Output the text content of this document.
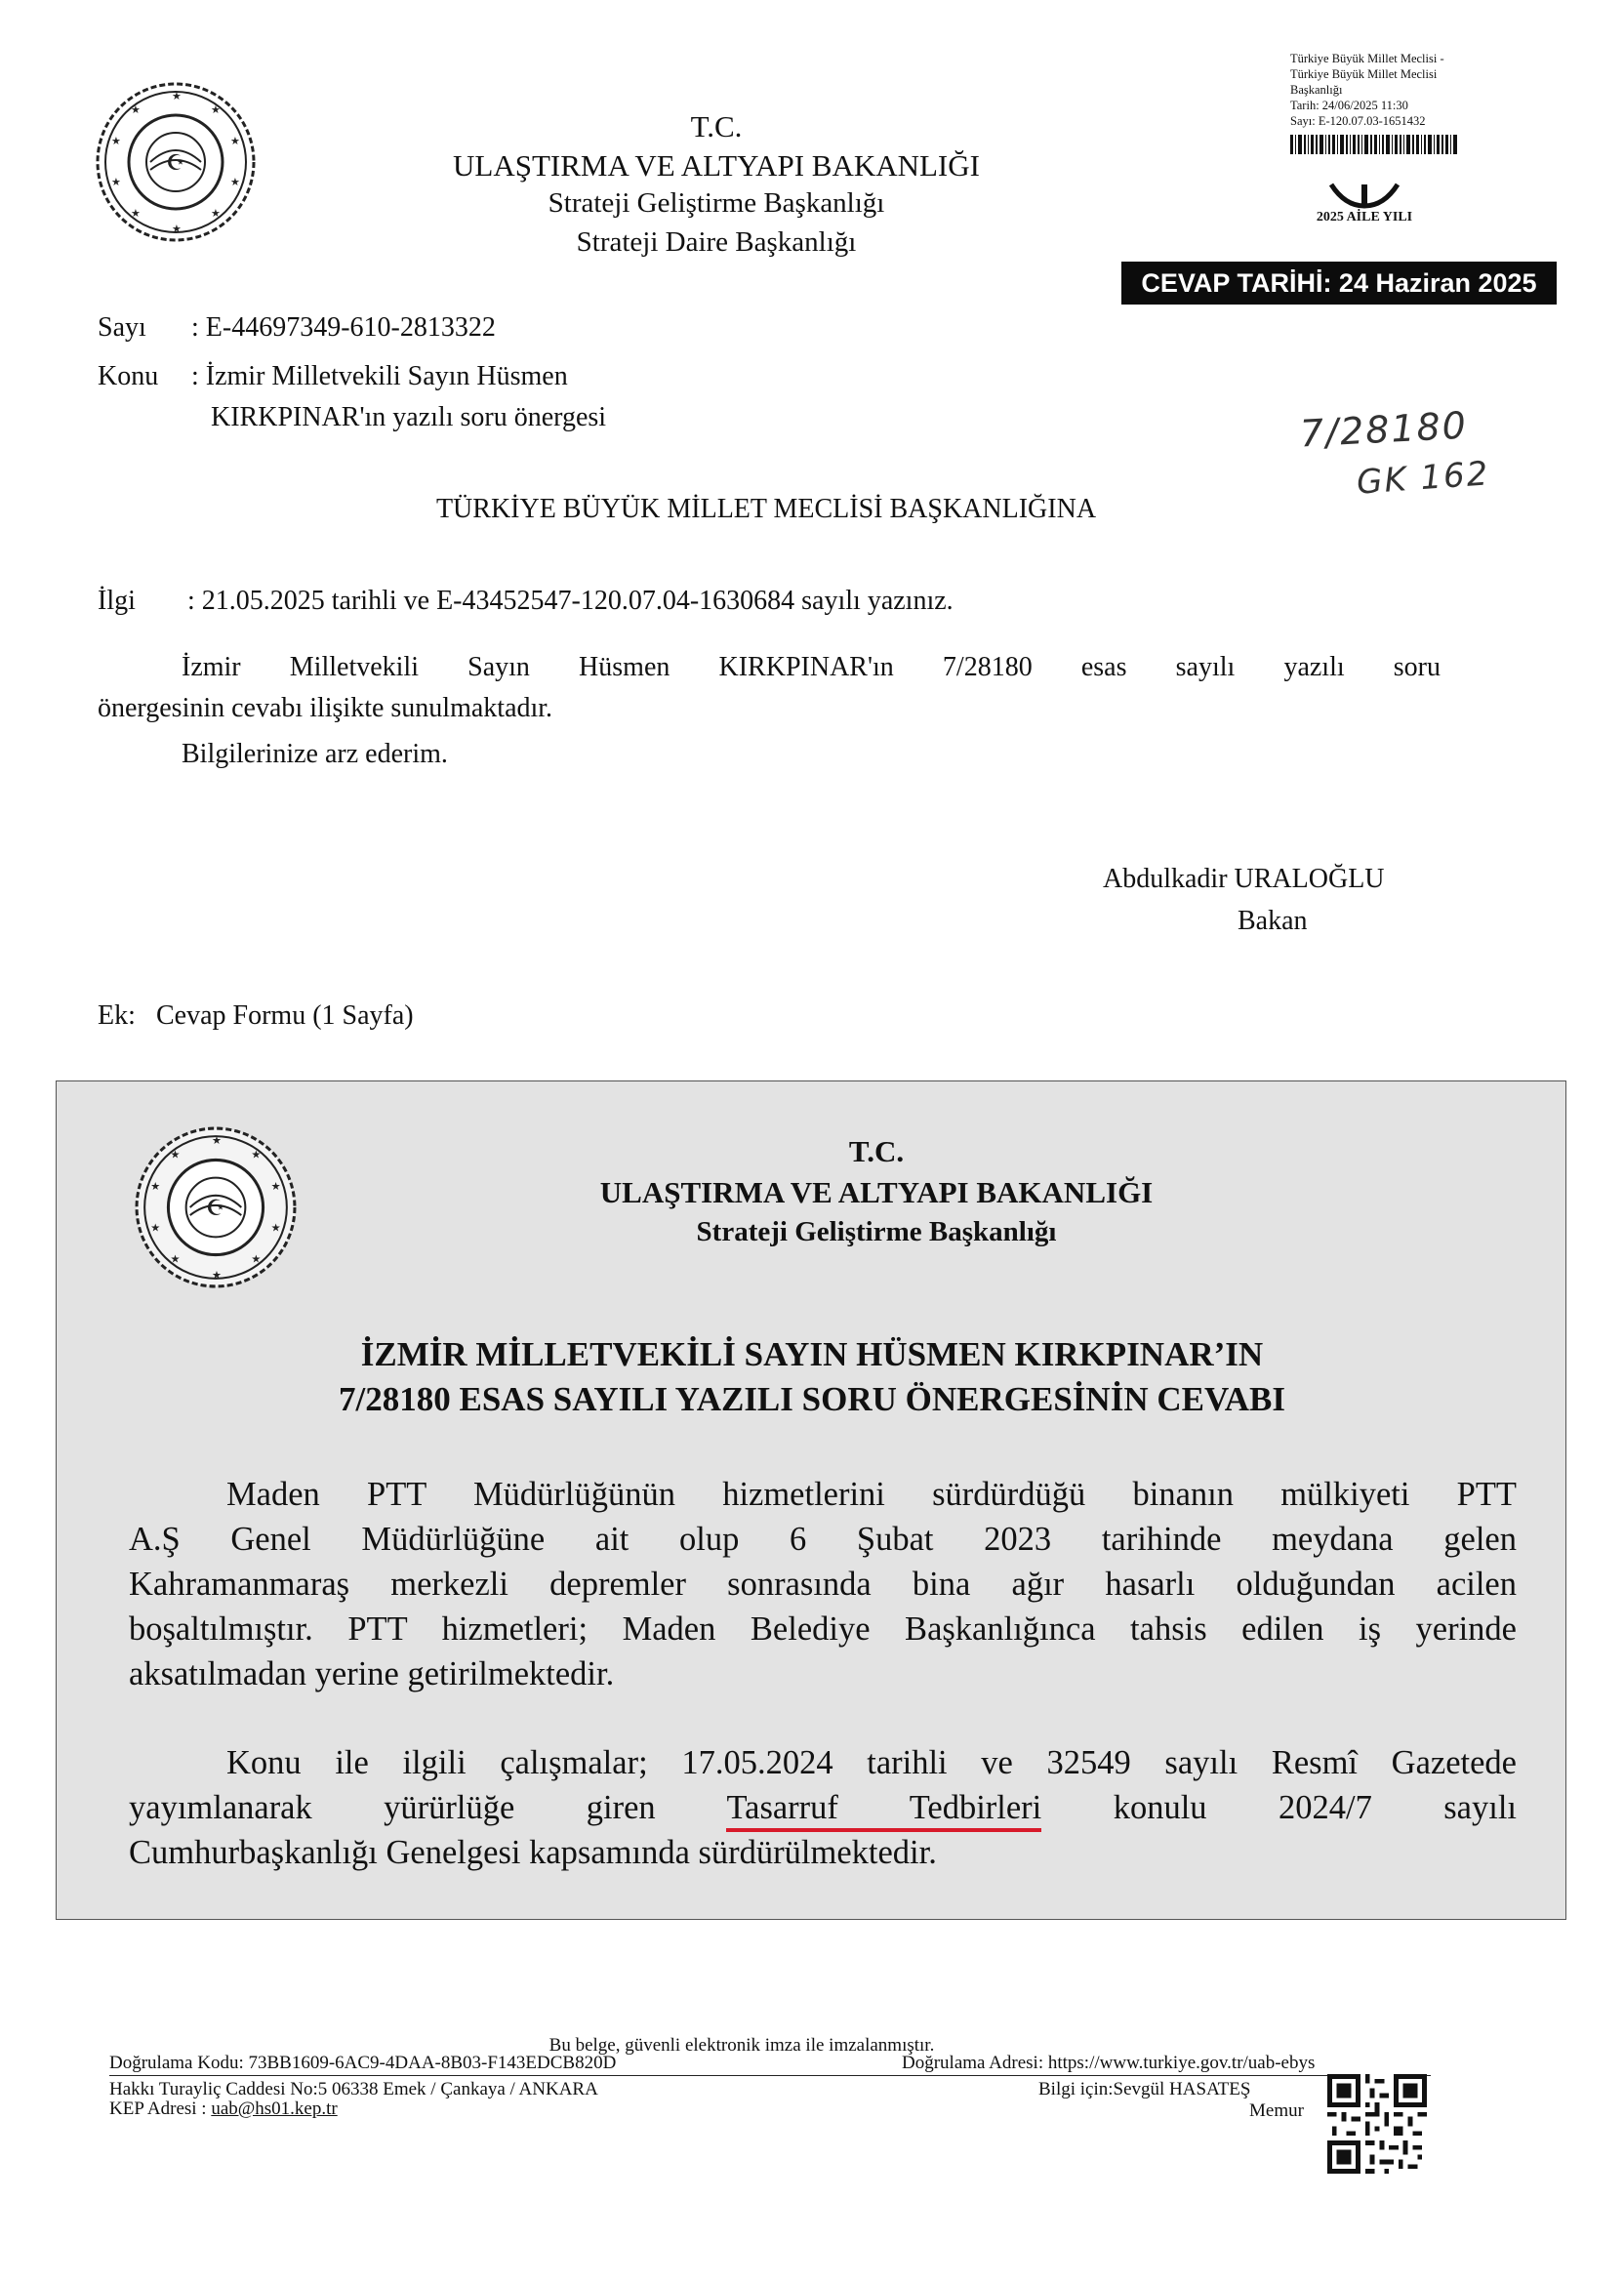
☪
★
★
★
★
★
★
★
★
★
★	T.C.
ULAŞTIRMA VE ALTYAPI BAKANLIĞI
Strateji Geliştirme Başkanlığı
Strateji Daire Başkanlığı
Türkiye Büyük Millet Meclisi -
Türkiye Büyük Millet Meclisi
Başkanlığı
Tarih: 24/06/2025 11:30
Sayı: E-120.07.03-1651432
2025 AİLE YILI
CEVAP TARİHİ: 24 Haziran 2025
Sayı : E-44697349-610-2813322
Konu : İzmir Milletvekili Sayın Hüsmen
KIRKPINAR'ın yazılı soru önergesi	7/28180
GK 162
TÜRKİYE BÜYÜK MİLLET MECLİSİ BAŞKANLIĞINA
İlgi : 21.05.2025 tarihli ve E-43452547-120.07.04-1630684 sayılı yazınız.
İzmir Milletvekili Sayın Hüsmen KIRKPINAR'ın 7/28180 esas sayılı yazılı soru
önergesinin cevabı ilişikte sunulmaktadır.
Bilgilerinize arz ederim.
Abdulkadir URALOĞLU
Bakan
Ek: Cevap Formu (1 Sayfa)
☪
★
★
★
★
★
★
★
★
★
★	T.C.
ULAŞTIRMA VE ALTYAPI BAKANLIĞI
Strateji Geliştirme Başkanlığı
İZMİR MİLLETVEKİLİ SAYIN HÜSMEN KIRKPINAR’IN
7/28180 ESAS SAYILI YAZILI SORU ÖNERGESİNİN CEVABI
Maden PTT Müdürlüğünün hizmetlerini sürdürdüğü binanın mülkiyeti PTT
A.Ş Genel Müdürlüğüne ait olup 6 Şubat 2023 tarihinde meydana gelen
Kahramanmaraş merkezli depremler sonrasında bina ağır hasarlı olduğundan acilen
boşaltılmıştır. PTT hizmetleri; Maden Belediye Başkanlığınca tahsis edilen iş yerinde
aksatılmadan yerine getirilmektedir.
Konu ile ilgili çalışmalar; 17.05.2024 tarihli ve 32549 sayılı Resmî Gazetede
yayımlanarak yürürlüğe giren Tasarruf Tedbirleri konulu 2024/7 sayılı
Cumhurbaşkanlığı Genelgesi kapsamında sürdürülmektedir.
Bu belge, güvenli elektronik imza ile imzalanmıştır.
Doğrulama Kodu: 73BB1609-6AC9-4DAA-8B03-F143EDCB820D	Doğrulama Adresi: https://www.turkiye.gov.tr/uab-ebys
Hakkı Turayliç Caddesi No:5 06338 Emek / Çankaya / ANKARA
KEP Adresi : uab@hs01.kep.tr
Bilgi için:Sevgül HASATEŞ
Memur
